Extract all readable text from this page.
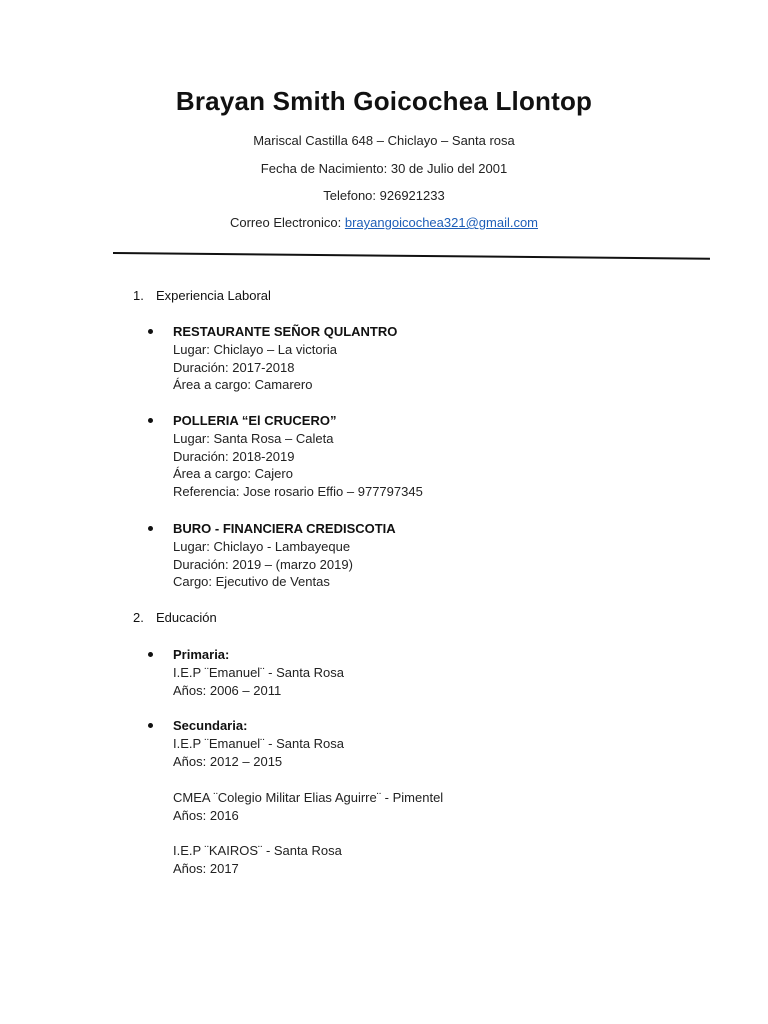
Brayan Smith Goicochea Llontop
Mariscal Castilla 648 – Chiclayo – Santa rosa
Fecha de Nacimiento: 30 de Julio del 2001
Telefono: 926921233
Correo Electronico: brayangoicochea321@gmail.com
1. Experiencia Laboral
RESTAURANTE SEÑOR QULANTRO
Lugar: Chiclayo – La victoria
Duración: 2017-2018
Área a cargo: Camarero
POLLERIA “El CRUCERO”
Lugar: Santa Rosa – Caleta
Duración: 2018-2019
Área a cargo: Cajero
Referencia: Jose rosario Effio – 977797345
BURO - FINANCIERA CREDISCOTIA
Lugar: Chiclayo - Lambayeque
Duración: 2019 – (marzo 2019)
Cargo: Ejecutivo de Ventas
2. Educación
Primaria:
I.E.P ¨Emanuel¨ - Santa Rosa
Años: 2006 – 2011
Secundaria:
I.E.P ¨Emanuel¨ - Santa Rosa
Años: 2012 – 2015
CMEA ¨Colegio Militar Elias Aguirre¨ - Pimentel
Años: 2016
I.E.P ¨KAIROS¨ - Santa Rosa
Años: 2017
